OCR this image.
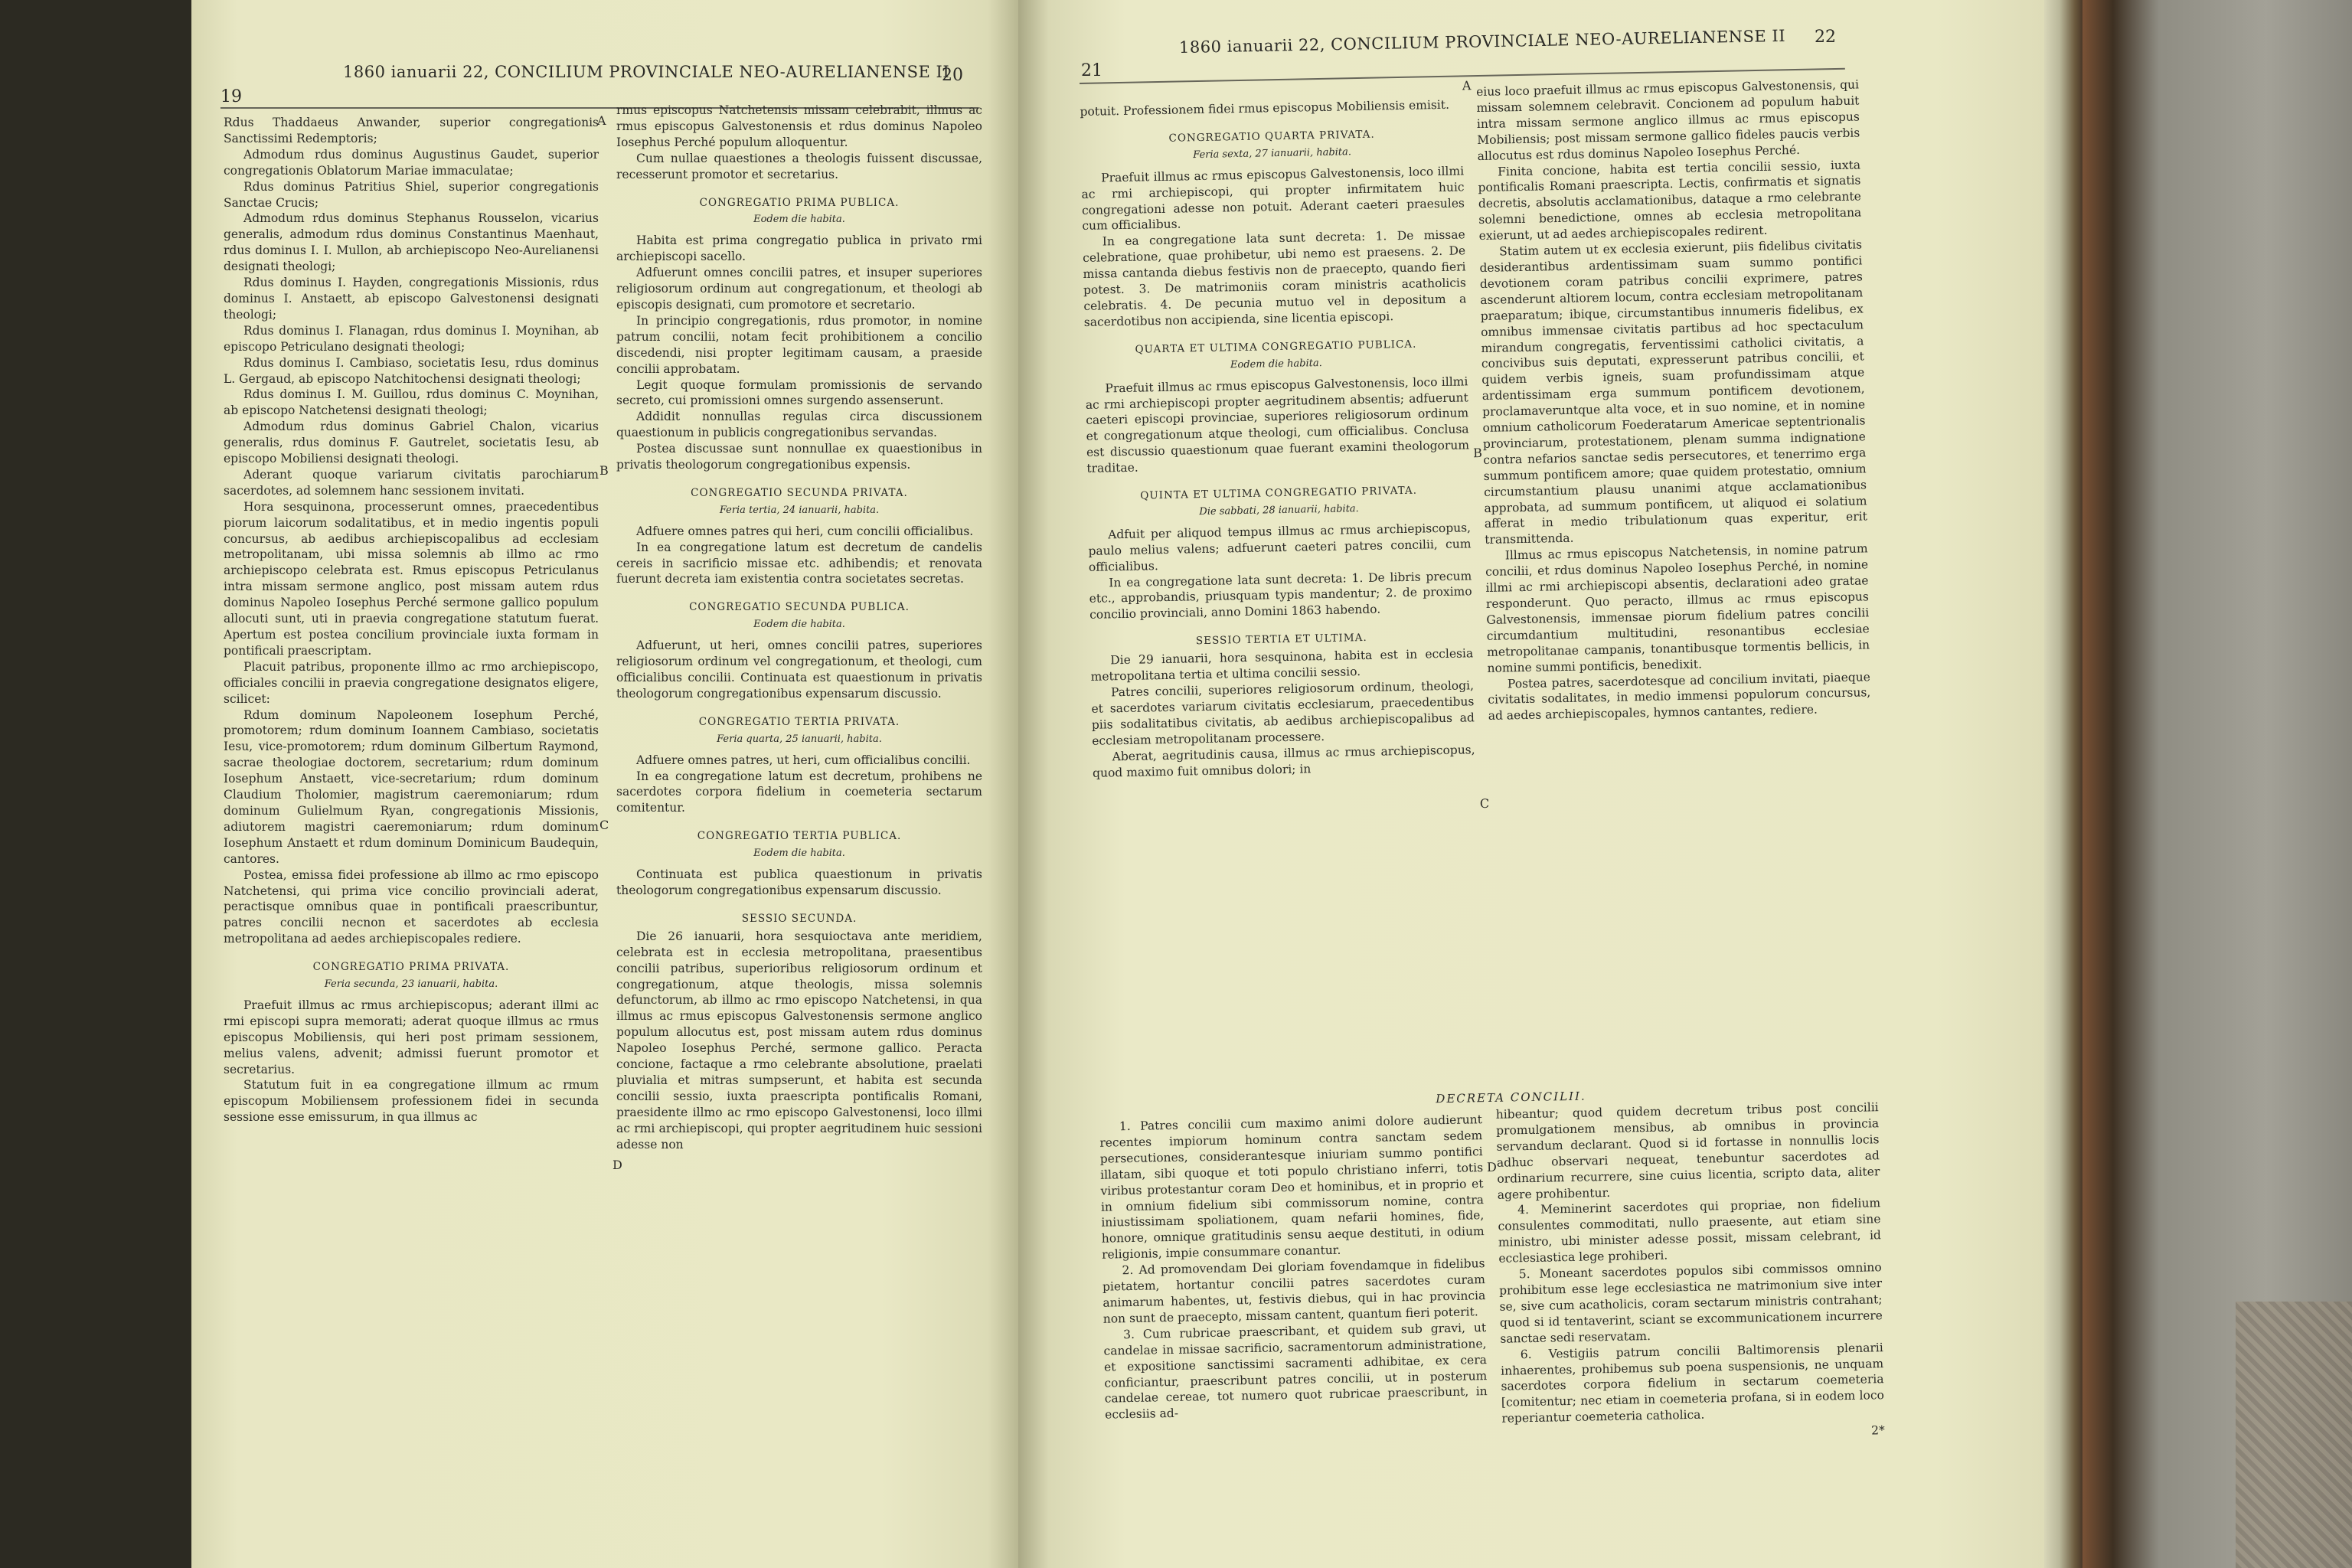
19
1860 ianuarii 22, CONCILIUM PROVINCIALE NEO-AURELIANENSE II
20

Rdus Thaddaeus Anwander, superior congregationis Sanctissimi Redemptoris;

Admodum rdus dominus Augustinus Gaudet, superior congregationis Oblatorum Mariae immaculatae;

Rdus dominus Patritius Shiel, superior congregationis Sanctae Crucis;

Admodum rdus dominus Stephanus Rousselon, vicarius generalis, admodum rdus dominus Constantinus Maenhaut, rdus dominus I. I. Mullon, ab archiepiscopo Neo-Aurelianensi designati theologi;

Rdus dominus I. Hayden, congregationis Missionis, rdus dominus I. Anstaett, ab episcopo Galvestonensi designati theologi;

Rdus dominus I. Flanagan, rdus dominus I. Moynihan, ab episcopo Petriculano designati theologi;

Rdus dominus I. Cambiaso, societatis Iesu, rdus dominus L. Gergaud, ab episcopo Natchitochensi designati theologi;

Rdus dominus I. M. Guillou, rdus dominus C. Moynihan, ab episcopo Natchetensi designati theologi;

Admodum rdus dominus Gabriel Chalon, vicarius generalis, rdus dominus F. Gautrelet, societatis Iesu, ab episcopo Mobiliensi designati theologi.

Aderant quoque variarum civitatis parochiarum sacerdotes, ad solemnem hanc sessionem invitati.

Hora sesquinona, processerunt omnes, praecedentibus piorum laicorum sodalitatibus, et in medio ingentis populi concursus, ab aedibus archiepiscopalibus ad ecclesiam metropolitanam, ubi missa solemnis ab illmo ac rmo archiepiscopo celebrata est. Rmus episcopus Petriculanus intra missam sermone anglico, post missam autem rdus dominus Napoleo Iosephus Perché sermone gallico populum allocuti sunt, uti in praevia congregatione statutum fuerat. Apertum est postea concilium provinciale iuxta formam in pontificali praescriptam.

Placuit patribus, proponente illmo ac rmo archiepiscopo, officiales concilii in praevia congregatione designatos eligere, scilicet:

Rdum dominum Napoleonem Iosephum Perché, promotorem; rdum dominum Ioannem Cambiaso, societatis Iesu, vice-promotorem; rdum dominum Gilbertum Raymond, sacrae theologiae doctorem, secretarium; rdum dominum Iosephum Anstaett, vice-secretarium; rdum dominum Claudium Tholomier, magistrum caeremoniarum; rdum dominum Gulielmum Ryan, congregationis Missionis, adiutorem magistri caeremoniarum; rdum dominum Iosephum Anstaett et rdum dominum Dominicum Baudequin, cantores.

Postea, emissa fidei professione ab illmo ac rmo episcopo Natchetensi, qui prima vice concilio provinciali aderat, peractisque omnibus quae in pontificali praescribuntur, patres concilii necnon et sacerdotes ab ecclesia metropolitana ad aedes archiepiscopales rediere.

CONGREGATIO PRIMA PRIVATA.
Feria secunda, 23 ianuarii, habita.

Praefuit illmus ac rmus archiepiscopus; aderant illmi ac rmi episcopi supra memorati; aderat quoque illmus ac rmus episcopus Mobiliensis, qui heri post primam sessionem, melius valens, advenit; admissi fuerunt promotor et secretarius.

Statutum fuit in ea congregatione illmum ac rmum episcopum Mobiliensem professionem fidei in secunda sessione esse emissurum, in qua illmus ac

rmus episcopus Natchetensis missam celebrabit, illmus ac rmus episcopus Galvestonensis et rdus dominus Napoleo Iosephus Perché populum alloquentur.

Cum nullae quaestiones a theologis fuissent discussae, recesserunt promotor et secretarius.

CONGREGATIO PRIMA PUBLICA.
Eodem die habita.

Habita est prima congregatio publica in privato rmi archiepiscopi sacello.

Adfuerunt omnes concilii patres, et insuper superiores religiosorum ordinum aut congregationum, et theologi ab episcopis designati, cum promotore et secretario.

In principio congregationis, rdus promotor, in nomine patrum concilii, notam fecit prohibitionem a concilio discedendi, nisi propter legitimam causam, a praeside concilii approbatam.

Legit quoque formulam promissionis de servando secreto, cui promissioni omnes surgendo assenserunt.

Addidit nonnullas regulas circa discussionem quaestionum in publicis congregationibus servandas.

Postea discussae sunt nonnullae ex quaestionibus in privatis theologorum congregationibus expensis.

CONGREGATIO SECUNDA PRIVATA.
Feria tertia, 24 ianuarii, habita.

Adfuere omnes patres qui heri, cum concilii officialibus.

In ea congregatione latum est decretum de candelis cereis in sacrificio missae etc. adhibendis; et renovata fuerunt decreta iam existentia contra societates secretas.

CONGREGATIO SECUNDA PUBLICA.
Eodem die habita.

Adfuerunt, ut heri, omnes concilii patres, superiores religiosorum ordinum vel congregationum, et theologi, cum officialibus concilii. Continuata est quaestionum in privatis theologorum congregationibus expensarum discussio.

CONGREGATIO TERTIA PRIVATA.
Feria quarta, 25 ianuarii, habita.

Adfuere omnes patres, ut heri, cum officialibus concilii.

In ea congregatione latum est decretum, prohibens ne sacerdotes corpora fidelium in coemeteria sectarum comitentur.

CONGREGATIO TERTIA PUBLICA.
Eodem die habita.

Continuata est publica quaestionum in privatis theologorum congregationibus expensarum discussio.

SESSIO SECUNDA.

Die 26 ianuarii, hora sesquioctava ante meridiem, celebrata est in ecclesia metropolitana, praesentibus concilii patribus, superioribus religiosorum ordinum et congregationum, atque theologis, missa solemnis defunctorum, ab illmo ac rmo episcopo Natchetensi, in qua illmus ac rmus episcopus Galvestonensis sermone anglico populum allocutus est, post missam autem rdus dominus Napoleo Iosephus Perché, sermone gallico. Peracta concione, factaque a rmo celebrante absolutione, praelati pluvialia et mitras sumpserunt, et habita est secunda concilii sessio, iuxta praescripta pontificalis Romani, praesidente illmo ac rmo episcopo Galvestonensi, loco illmi ac rmi archiepiscopi, qui propter aegritudinem huic sessioni adesse non

A
B
C
D
21
1860 ianuarii 22, CONCILIUM PROVINCIALE NEO-AURELIANENSE II 22

potuit. Professionem fidei rmus episcopus Mobiliensis emisit.

CONGREGATIO QUARTA PRIVATA.
Feria sexta, 27 ianuarii, habita.

Praefuit illmus ac rmus episcopus Galvestonensis, loco illmi ac rmi archiepiscopi, qui propter infirmitatem huic congregationi adesse non potuit. Aderant caeteri praesules cum officialibus.

In ea congregatione lata sunt decreta: 1. De missae celebratione, quae prohibetur, ubi nemo est praesens. 2. De missa cantanda diebus festivis non de praecepto, quando fieri potest. 3. De matrimoniis coram ministris acatholicis celebratis. 4. De pecunia mutuo vel in depositum a sacerdotibus non accipienda, sine licentia episcopi.

QUARTA ET ULTIMA CONGREGATIO PUBLICA.
Eodem die habita.

Praefuit illmus ac rmus episcopus Galvestonensis, loco illmi ac rmi archiepiscopi propter aegritudinem absentis; adfuerunt caeteri episcopi provinciae, superiores religiosorum ordinum et congregationum atque theologi, cum officialibus. Conclusa est discussio quaestionum quae fuerant examini theologorum traditae.

QUINTA ET ULTIMA CONGREGATIO PRIVATA.
Die sabbati, 28 ianuarii, habita.

Adfuit per aliquod tempus illmus ac rmus archiepiscopus, paulo melius valens; adfuerunt caeteri patres concilii, cum officialibus.

In ea congregatione lata sunt decreta: 1. De libris precum etc., approbandis, priusquam typis mandentur; 2. de proximo concilio provinciali, anno Domini 1863 habendo.

SESSIO TERTIA ET ULTIMA.

Die 29 ianuarii, hora sesquinona, habita est in ecclesia metropolitana tertia et ultima concilii sessio.

Patres concilii, superiores religiosorum ordinum, theologi, et sacerdotes variarum civitatis ecclesiarum, praecedentibus piis sodalitatibus civitatis, ab aedibus archiepiscopalibus ad ecclesiam metropolitanam processere.

Aberat, aegritudinis causa, illmus ac rmus archiepiscopus, quod maximo fuit omnibus dolori; in

eius loco praefuit illmus ac rmus episcopus Galvestonensis, qui missam solemnem celebravit. Concionem ad populum habuit intra missam sermone anglico illmus ac rmus episcopus Mobiliensis; post missam sermone gallico fideles paucis verbis allocutus est rdus dominus Napoleo Iosephus Perché.

Finita concione, habita est tertia concilii sessio, iuxta pontificalis Romani praescripta. Lectis, confirmatis et signatis decretis, absolutis acclamationibus, dataque a rmo celebrante solemni benedictione, omnes ab ecclesia metropolitana exierunt, ut ad aedes archiepiscopales redirent.

Statim autem ut ex ecclesia exierunt, piis fidelibus civitatis desiderantibus ardentissimam suam summo pontifici devotionem coram patribus concilii exprimere, patres ascenderunt altiorem locum, contra ecclesiam metropolitanam praeparatum; ibique, circumstantibus innumeris fidelibus, ex omnibus immensae civitatis partibus ad hoc spectaculum mirandum congregatis, ferventissimi catholici civitatis, a concivibus suis deputati, expresserunt patribus concilii, et quidem verbis igneis, suam profundissimam atque ardentissimam erga summum pontificem devotionem, proclamaveruntque alta voce, et in suo nomine, et in nomine omnium catholicorum Foederatarum Americae septentrionalis provinciarum, protestationem, plenam summa indignatione contra nefarios sanctae sedis persecutores, et tenerrimo erga summum pontificem amore; quae quidem protestatio, omnium circumstantium plausu unanimi atque acclamationibus approbata, ad summum pontificem, ut aliquod ei solatium afferat in medio tribulationum quas experitur, erit transmittenda.

Illmus ac rmus episcopus Natchetensis, in nomine patrum concilii, et rdus dominus Napoleo Iosephus Perché, in nomine illmi ac rmi archiepiscopi absentis, declarationi adeo gratae responderunt. Quo peracto, illmus ac rmus episcopus Galvestonensis, immensae piorum fidelium patres concilii circumdantium multitudini, resonantibus ecclesiae metropolitanae campanis, tonantibusque tormentis bellicis, in nomine summi pontificis, benedixit.

Postea patres, sacerdotesque ad concilium invitati, piaeque civitatis sodalitates, in medio immensi populorum concursus, ad aedes archiepiscopales, hymnos cantantes, rediere.

DECRETA CONCILII.

1. Patres concilii cum maximo animi dolore audierunt recentes impiorum hominum contra sanctam sedem persecutiones, considerantesque iniuriam summo pontifici illatam, sibi quoque et toti populo christiano inferri, totis viribus protestantur coram Deo et hominibus, et in proprio et in omnium fidelium sibi commissorum nomine, contra iniustissimam spoliationem, quam nefarii homines, fide, honore, omnique gratitudinis sensu aeque destituti, in odium religionis, impie consummare conantur.

2. Ad promovendam Dei gloriam fovendamque in fidelibus pietatem, hortantur concilii patres sacerdotes curam animarum habentes, ut, festivis diebus, qui in hac provincia non sunt de praecepto, missam cantent, quantum fieri poterit.

3. Cum rubricae praescribant, et quidem sub gravi, ut candelae in missae sacrificio, sacramentorum administratione, et expositione sanctissimi sacramenti adhibitae, ex cera conficiantur, praescribunt patres concilii, ut in posterum candelae cereae, tot numero quot rubricae praescribunt, in ecclesiis ad-

hibeantur; quod quidem decretum tribus post concilii promulgationem mensibus, ab omnibus in provincia servandum declarant. Quod si id fortasse in nonnullis locis adhuc observari nequeat, tenebuntur sacerdotes ad ordinarium recurrere, sine cuius licentia, scripto data, aliter agere prohibentur.

4. Meminerint sacerdotes qui propriae, non fidelium consulentes commoditati, nullo praesente, aut etiam sine ministro, ubi minister adesse possit, missam celebrant, id ecclesiastica lege prohiberi.

5. Moneant sacerdotes populos sibi commissos omnino prohibitum esse lege ecclesiastica ne matrimonium sive inter se, sive cum acatholicis, coram sectarum ministris contrahant; quod si id tentaverint, sciant se excommunicationem incurrere sanctae sedi reservatam.

6. Vestigiis patrum concilii Baltimorensis plenarii inhaerentes, prohibemus sub poena suspensionis, ne unquam sacerdotes corpora fidelium in sectarum coemeteria [comitentur; nec etiam in coemeteria profana, si in eodem loco reperiantur coemeteria catholica.

2*
A
B
C
D
